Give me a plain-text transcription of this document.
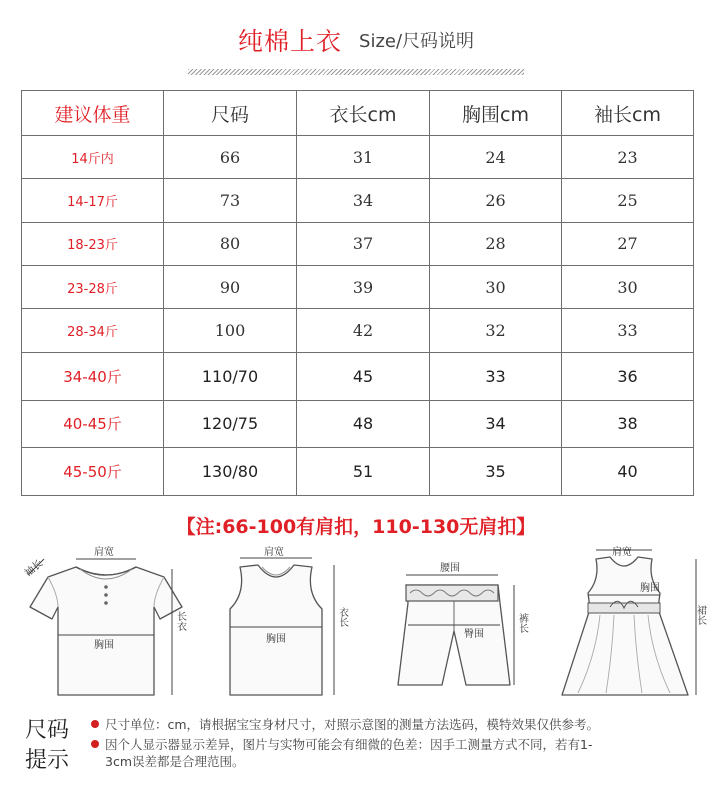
纯棉上衣 Size/尺码说明
建议体重	尺码	衣长cm	胸围cm	袖长cm
14斤内	66	31	24	23
14-17斤	73	34	26	25
18-23斤	80	37	28	27
23-28斤	90	39	30	30
28-34斤	100	42	32	33
34-40斤	110/70	45	33	36
40-45斤	120/75	48	34	38
45-50斤	130/80	51	35	40
【注:66-100有肩扣，110-130无肩扣】
肩宽
胸围
袖长
长衣
肩宽
胸围
衣长
腰围
臀围
裤长
肩宽
胸围
裙长
尺码
提示
尺寸单位：cm，请根据宝宝身材尺寸，对照示意图的测量方法选码，模特效果仅供参考。
因个人显示器显示差异，图片与实物可能会有细微的色差：因手工测量方式不同，若有1-
3cm误差都是合理范围。
